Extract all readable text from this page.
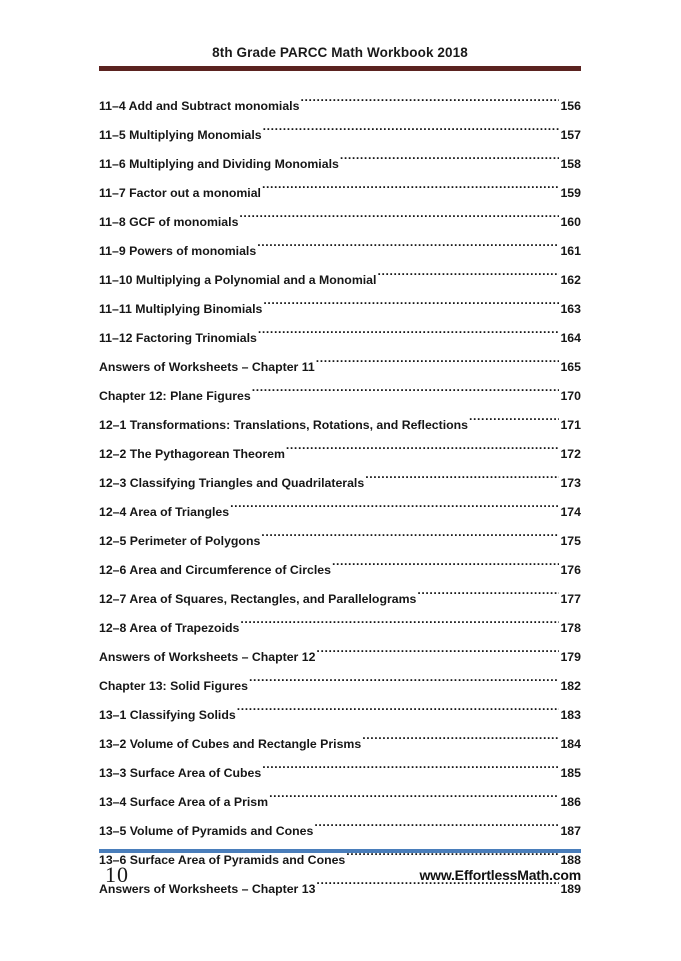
8th Grade PARCC Math Workbook 2018
11–4 Add and Subtract monomials .....	156
11–5 Multiplying Monomials .....	157
11–6 Multiplying and Dividing Monomials .....	158
11–7 Factor out a monomial .....	159
11–8 GCF of monomials .....	160
11–9 Powers of monomials .....	161
11–10 Multiplying a Polynomial and a Monomial .....	162
11–11 Multiplying Binomials .....	163
11–12 Factoring Trinomials .....	164
Answers of Worksheets – Chapter 11 .....	165
Chapter 12: Plane Figures .....	170
12–1 Transformations: Translations, Rotations, and Reflections .....	171
12–2 The Pythagorean Theorem .....	172
12–3 Classifying Triangles and Quadrilaterals .....	173
12–4 Area of Triangles .....	174
12–5 Perimeter of Polygons .....	175
12–6 Area and Circumference of Circles .....	176
12–7 Area of Squares, Rectangles, and Parallelograms .....	177
12–8 Area of Trapezoids .....	178
Answers of Worksheets – Chapter 12 .....	179
Chapter 13: Solid Figures .....	182
13–1 Classifying Solids .....	183
13–2 Volume of Cubes and Rectangle Prisms .....	184
13–3 Surface Area of Cubes .....	185
13–4 Surface Area of a Prism .....	186
13–5 Volume of Pyramids and Cones .....	187
13–6 Surface Area of Pyramids and Cones .....	188
Answers of Worksheets – Chapter 13 .....	189
10	www.EffortlessMath.com
